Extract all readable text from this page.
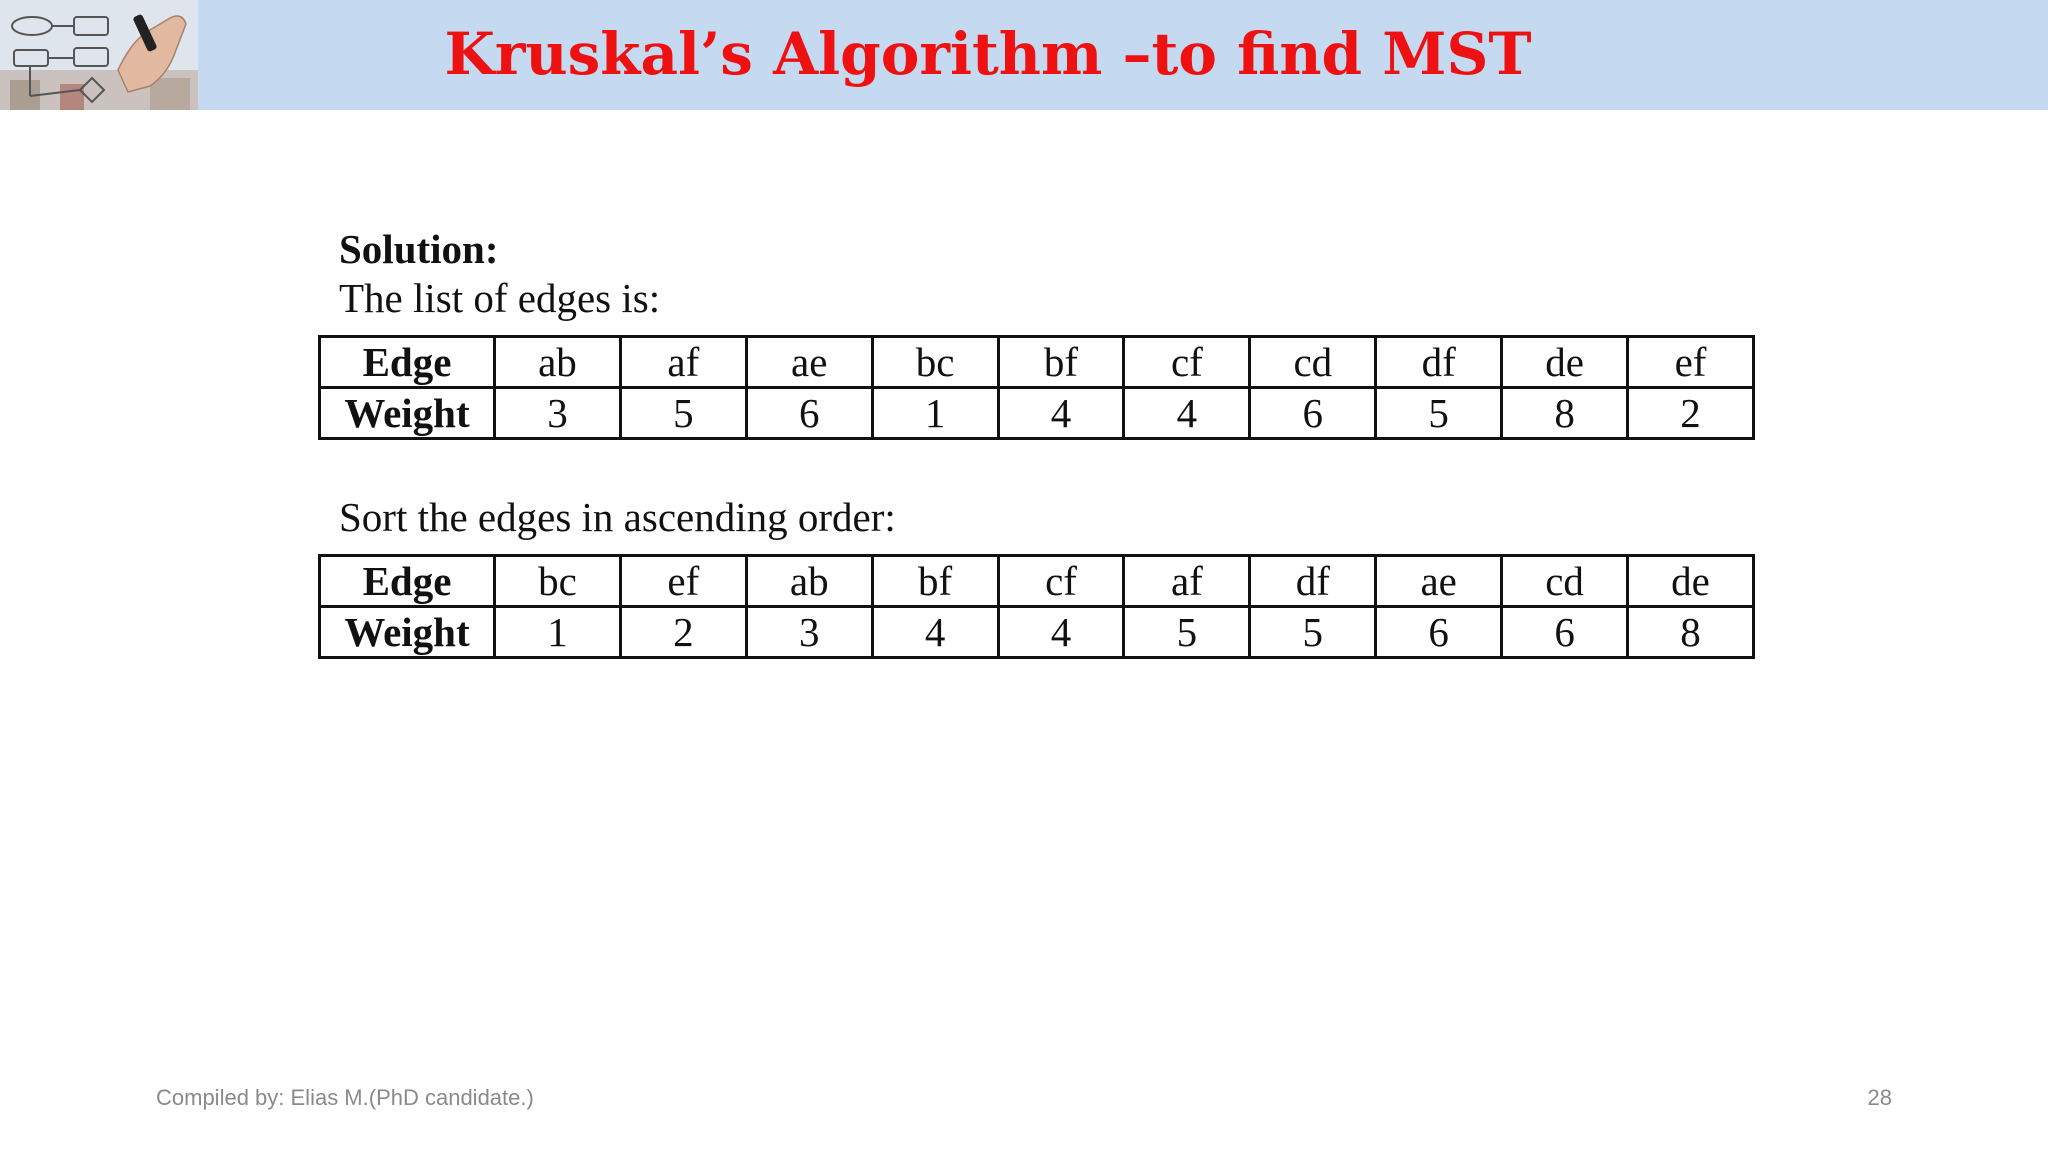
Kruskal’s Algorithm –to find MST
Solution:
The list of edges is:
Edge	ab	af	ae	bc	bf	cf	cd	df	de	ef
Weight	3	5	6	1	4	4	6	5	8	2
Sort the edges in ascending order:
Edge	bc	ef	ab	bf	cf	af	df	ae	cd	de
Weight	1	2	3	4	4	5	5	6	6	8
Compiled by: Elias M.(PhD candidate.)	28
